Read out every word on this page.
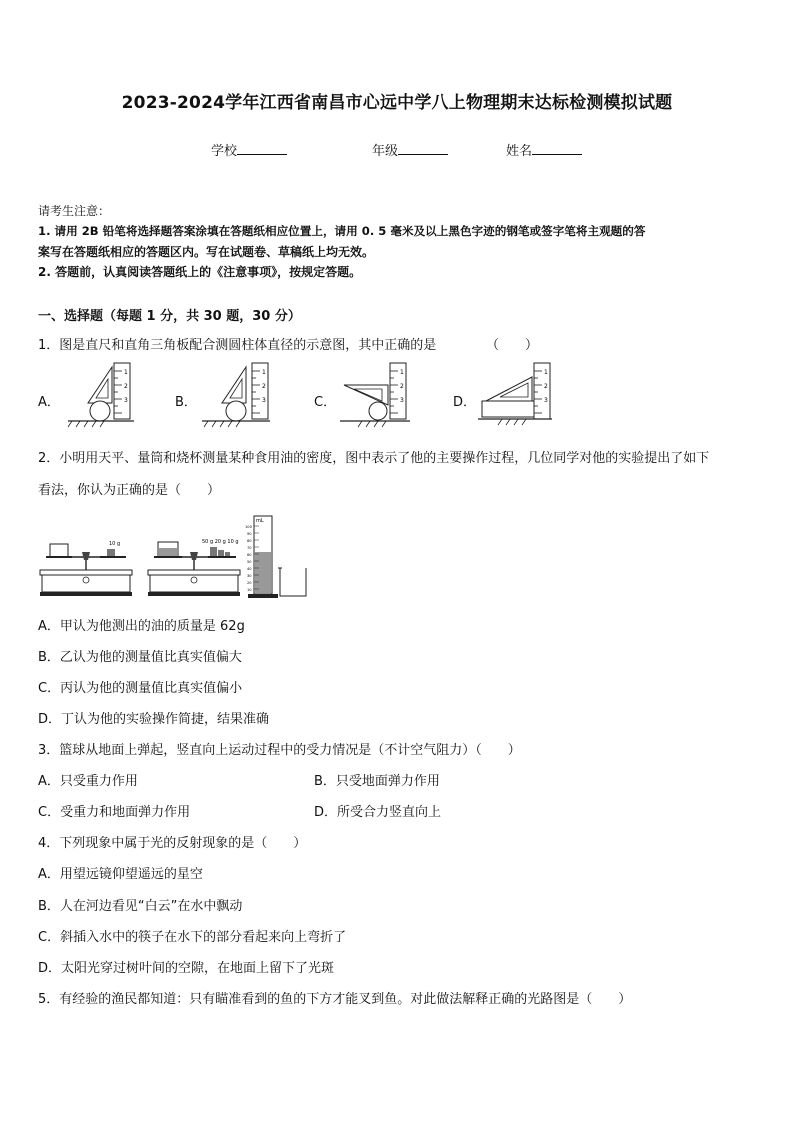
2023-2024学年江西省南昌市心远中学八上物理期末达标检测模拟试题
学校	年级	姓名
请考生注意：
1. 请用 2B 铅笔将选择题答案涂填在答题纸相应位置上，请用 0. 5 毫米及以上黑色字迹的钢笔或签字笔将主观题的答
案写在答题纸相应的答题区内。写在试题卷、草稿纸上均无效。
2. 答题前，认真阅读答题纸上的《注意事项》，按规定答题。
一、选择题（每题 1 分，共 30 题，30 分）
1．图是直尺和直角三角板配合测圆柱体直径的示意图，其中正确的是	（　　）
A．	B．	C．	D．
1
2
3
1
2
3
1
2
3
1
2
3
2．小明用天平、量筒和烧杯测量某种食用油的密度，图中表示了他的主要操作过程，几位同学对他的实验提出了如下
看法，你认为正确的是（　　）
10 g	50 g 20 g 10 g
mL
100
90
80
70
60
50
40
30
20
10
A．甲认为他测出的油的质量是 62g
B．乙认为他的测量值比真实值偏大
C．丙认为他的测量值比真实值偏小
D．丁认为他的实验操作简捷，结果准确
3．篮球从地面上弹起，竖直向上运动过程中的受力情况是（不计空气阻力）（　　）
A．只受重力作用	B．只受地面弹力作用
C．受重力和地面弹力作用	D．所受合力竖直向上
4．下列现象中属于光的反射现象的是（　　）
A．用望远镜仰望遥远的星空
B．人在河边看见“白云”在水中飘动
C．斜插入水中的筷子在水下的部分看起来向上弯折了
D．太阳光穿过树叶间的空隙，在地面上留下了光斑
5．有经验的渔民都知道：只有瞄准看到的鱼的下方才能叉到鱼。对此做法解释正确的光路图是（　　）
